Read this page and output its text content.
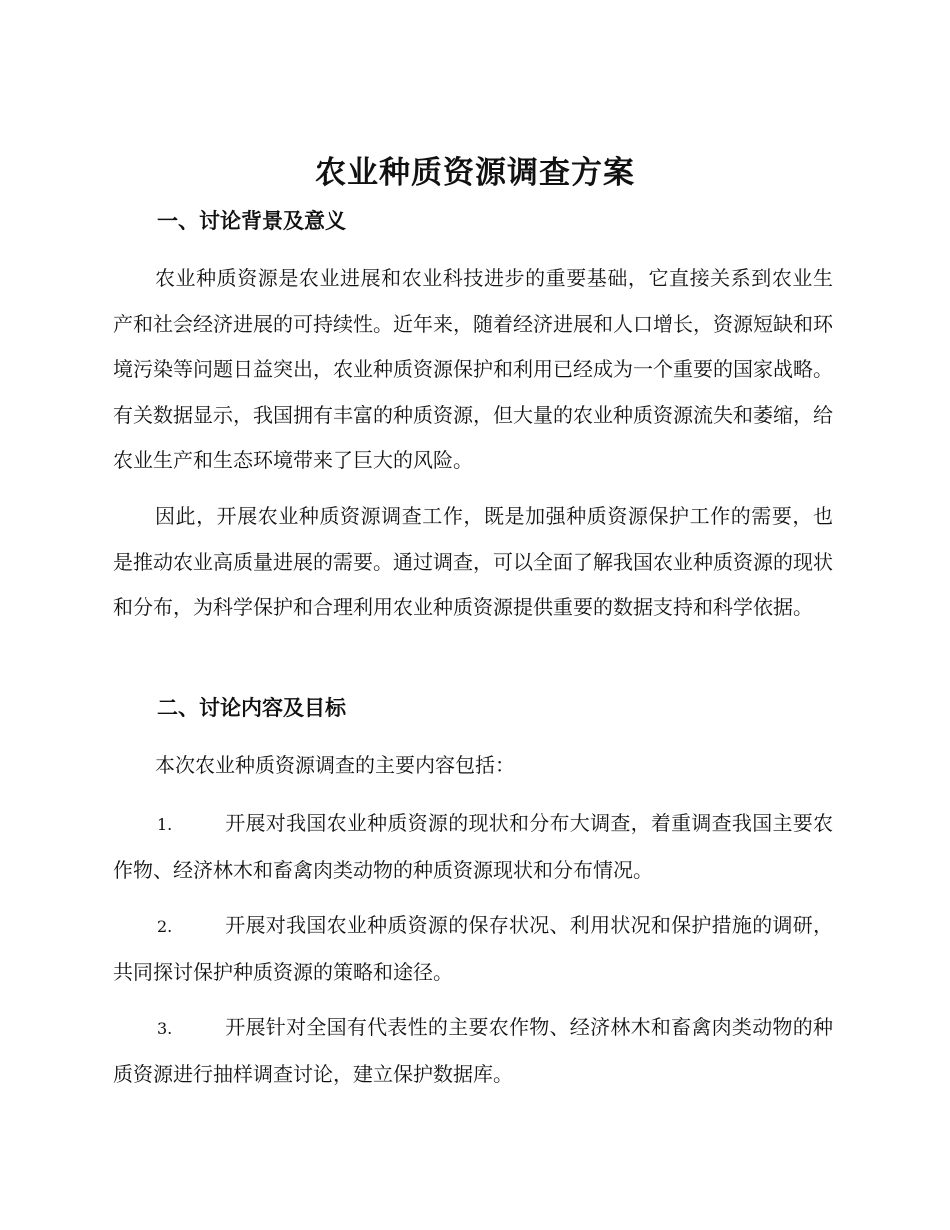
农业种质资源调查方案
一、讨论背景及意义

农业种质资源是农业进展和农业科技进步的重要基础，它直接关系到农业生产和社会经济进展的可持续性。近年来，随着经济进展和人口增长，资源短缺和环境污染等问题日益突出，农业种质资源保护和利用已经成为一个重要的国家战略。有关数据显示，我国拥有丰富的种质资源，但大量的农业种质资源流失和萎缩，给农业生产和生态环境带来了巨大的风险。

因此，开展农业种质资源调查工作，既是加强种质资源保护工作的需要，也是推动农业高质量进展的需要。通过调查，可以全面了解我国农业种质资源的现状和分布，为科学保护和合理利用农业种质资源提供重要的数据支持和科学依据。

二、讨论内容及目标

本次农业种质资源调查的主要内容包括：

1.	开展对我国农业种质资源的现状和分布大调查，着重调查我国主要农作物、经济林木和畜禽肉类动物的种质资源现状和分布情况。

2.	开展对我国农业种质资源的保存状况、利用状况和保护措施的调研，共同探讨保护种质资源的策略和途径。

3.	开展针对全国有代表性的主要农作物、经济林木和畜禽肉类动物的种质资源进行抽样调查讨论，建立保护数据库。
